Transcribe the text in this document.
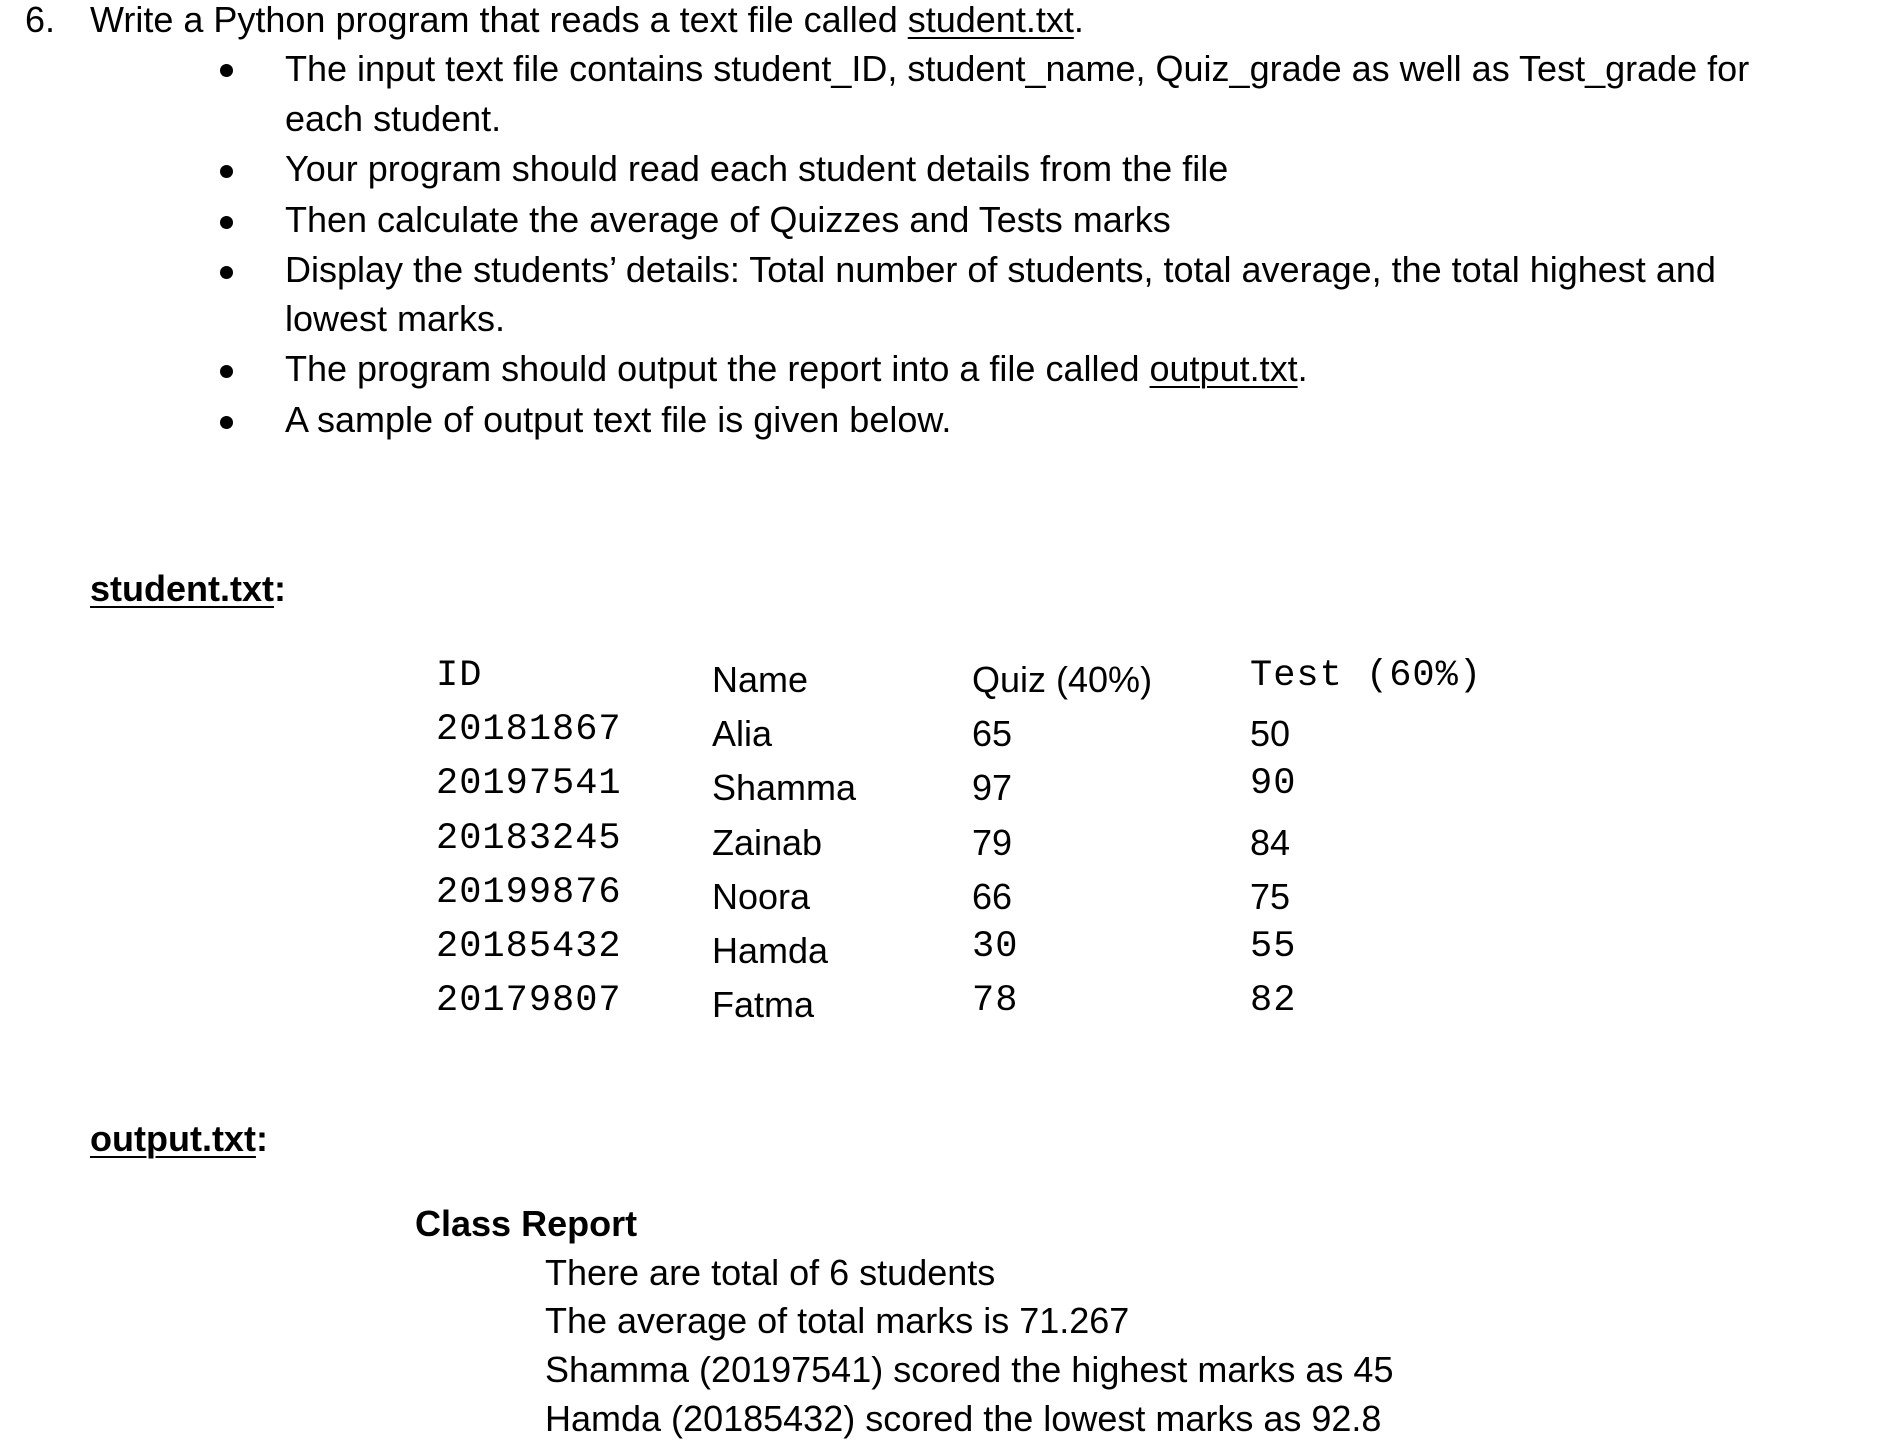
6. Write a Python program that reads a text file called student.txt.
The input text file contains student_ID, student_name, Quiz_grade as well as Test_grade for
each student.
Your program should read each student details from the file
Then calculate the average of Quizzes and Tests marks
Display the students’ details: Total number of students, total average, the total highest and
lowest marks.
The program should output the report into a file called output.txt.
A sample of output text file is given below.
student.txt:
ID	Name	Quiz (40%)	Test (60%)
20181867	Alia	65	50
20197541	Shamma	97	90
20183245	Zainab	79	84
20199876	Noora	66	75
20185432	Hamda	30	55
20179807	Fatma	78	82
output.txt:
Class Report
There are total of 6 students
The average of total marks is 71.267
Shamma (20197541) scored the highest marks as 45
Hamda (20185432) scored the lowest marks as 92.8
